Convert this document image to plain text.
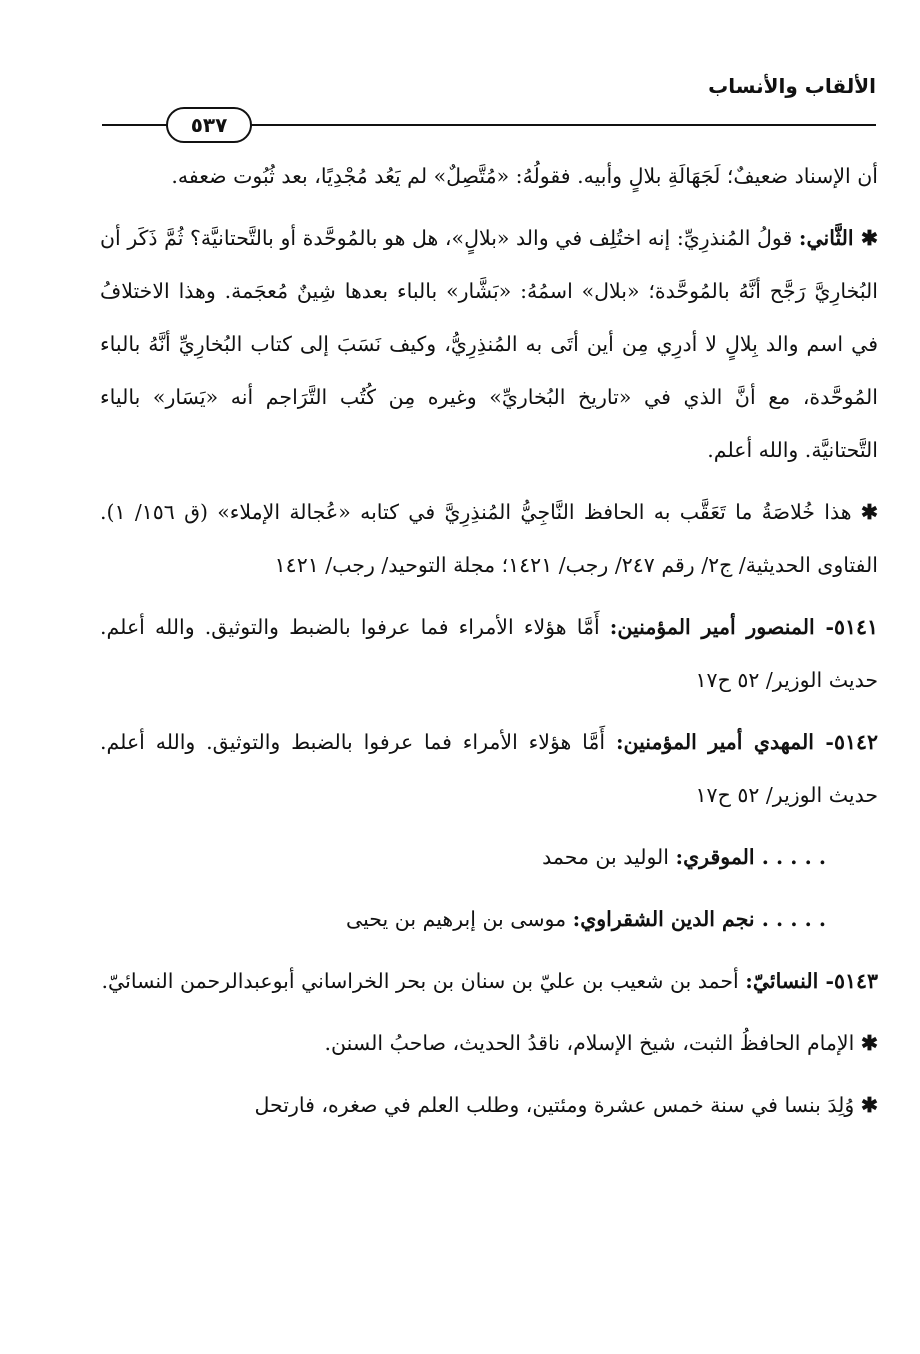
الألقاب والأنساب
٥٣٧

أن الإسناد ضعيفٌ؛ لَجَهَالَةِ بلالٍ وأبيه. فقولُهُ: «مُتَّصِلٌ» لم يَعُد مُجْدِيًا، بعد ثُبُوت ضعفه.

✱ الثَّاني: قولُ المُنذرِيِّ: إنه اختُلِف في والد «بلالٍ»، هل هو بالمُوحَّدة أو بالتَّحتانيَّة؟ ثُمَّ ذَكَر أن البُخارِيَّ رَجَّح أنَّهُ بالمُوحَّدة؛ «بلال» اسمُهُ: «بَشَّار» بالباء بعدها شِينٌ مُعجَمة. وهذا الاختلافُ في اسم والد بِلالٍ لا أدرِي مِن أين أتَى به المُنذِرِيُّ، وكيف نَسَبَ إلى كتاب البُخارِيِّ أنَّهُ بالباء المُوحَّدة، مع أنَّ الذي في «تاريخ البُخاريِّ» وغيره مِن كُتُب التَّرَاجم أنه «يَسَار» بالياء التَّحتانيَّة. والله أعلم.

✱ هذا خُلاصَةُ ما تَعَقَّب به الحافظ النَّاجِيُّ المُنذِرِيَّ في كتابه «عُجالة الإملاء» (ق ١٥٦/ ١). الفتاوى الحديثية/ ج٢/ رقم ٢٤٧/ رجب/ ١٤٢١؛ مجلة التوحيد/ رجب/ ١٤٢١

٥١٤١- المنصور أمير المؤمنين: أَمَّا هؤلاء الأمراء فما عرفوا بالضبط والتوثيق. والله أعلم. حديث الوزير/ ٥٢ ح١٧

٥١٤٢- المهدي أمير المؤمنين: أَمَّا هؤلاء الأمراء فما عرفوا بالضبط والتوثيق. والله أعلم. حديث الوزير/ ٥٢ ح١٧

. . . . . الموقري: الوليد بن محمد

. . . . . نجم الدين الشقراوي: موسى بن إبرهيم بن يحيى

٥١٤٣- النسائيّ: أحمد بن شعيب بن عليّ بن سنان بن بحر الخراساني أبوعبدالرحمن النسائيّ.

✱ الإمام الحافظُ الثبت، شيخ الإسلام، ناقدُ الحديث، صاحبُ السنن.

✱ وُلِدَ بنسا في سنة خمس عشرة ومئتين، وطلب العلم في صغره، فارتحل
